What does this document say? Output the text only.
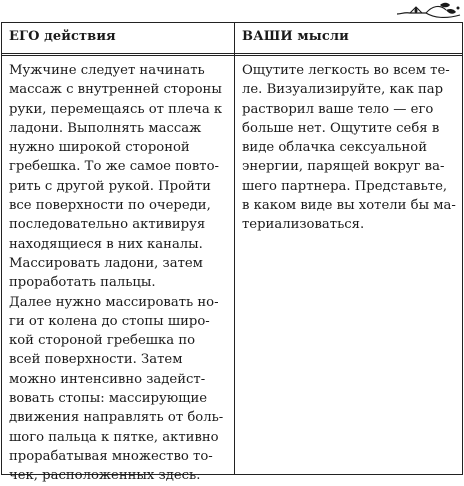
ЕГО действия	ВАШИ мысли
Мужчине следует начинать
массаж с внутренней стороны
руки, перемещаясь от плеча к
ладони. Выполнять массаж
нужно широкой стороной
гребешка. То же самое повто-
рить с другой рукой. Пройти
все поверхности по очереди,
последовательно активируя
находящиеся в них каналы.
Массировать ладони, затем
проработать пальцы.
Далее нужно массировать но-
ги от колена до стопы широ-
кой стороной гребешка по
всей поверхности. Затем
можно интенсивно задейст-
вовать стопы: массирующие
движения направлять от боль-
шого пальца к пятке, активно
прорабатывая множество то-
чек, расположенных здесь.
Ощутите легкость во всем те-
ле. Визуализируйте, как пар
растворил ваше тело — его
больше нет. Ощутите себя в
виде облачка сексуальной
энергии, парящей вокруг ва-
шего партнера. Представьте,
в каком виде вы хотели бы ма-
териализоваться.
